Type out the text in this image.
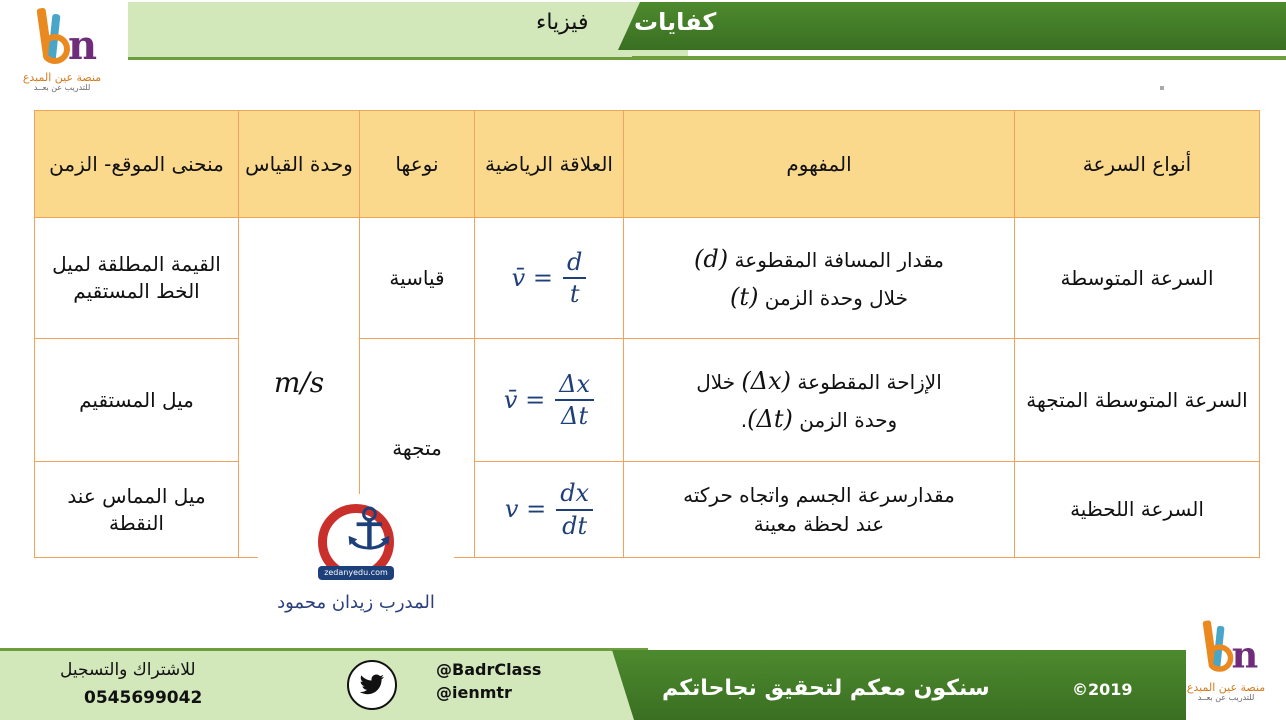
كفايات
فيزياء
n
منصة عين المبدع
للتدريب عن بعــد
أنواع السرعة
المفهوم
العلاقة الرياضية
نوعها
وحدة القياس
منحنى الموقع- الزمن
السرعة المتوسطة
مقدار المسافة المقطوعة (d)
خلال وحدة الزمن (t)
v̄ = $\frac{d}{t}$
قياسية
القيمة المطلقة لميل الخط المستقيم
m/s
متجهة
السرعة المتوسطة المتجهة
الإزاحة المقطوعة (Δx) خلال
وحدة الزمن (Δt).
v̄ = $\frac{\Delta x}{\Delta t}$
ميل المستقيم
السرعة اللحظية
مقدارسرعة الجسم واتجاه حركته
عند لحظة معينة
$v = \frac{dx}{dt}$
ميل المماس عند النقطة	⚓
zedanyedu.com
المدرب زيدان محمود
سنكون معكم لتحقيق نجاحاتكم	©2019
@BadrClass
@ienmtr
للاشتراك والتسجيل
0545699042
n
منصة عين المبدع
للتدريب عن بعــد
